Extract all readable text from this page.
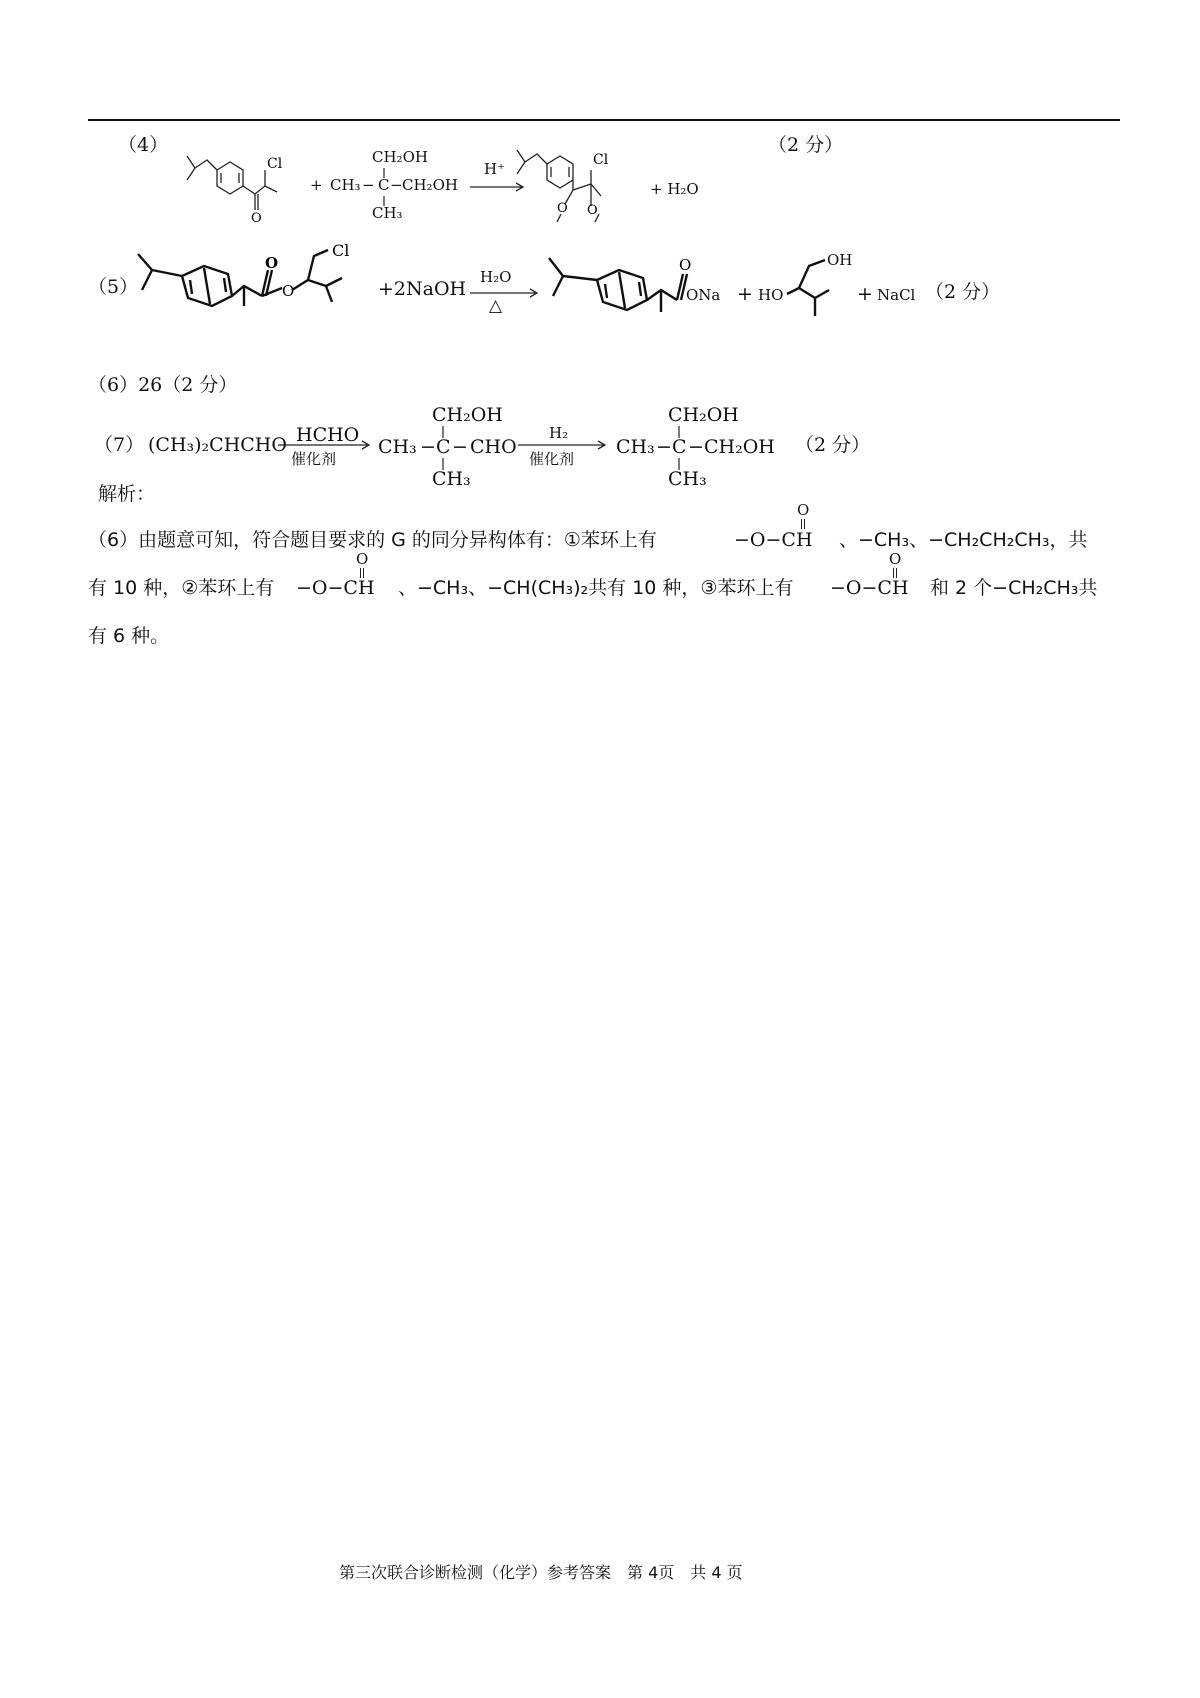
（4）	（2 分）
Cl
O
+
CH₂OH
CH₃ − C − CH₂OH
CH₃
H⁺	Cl
O O
+ H₂O
（5）
O
O
Cl
+2NaOH
H₂O
△
O
ONa + HO
OH
+ NaCl （2 分）
（6）26（2 分）
（7） (CH₃)₂CHCHO HCHO
催化剂
CH₂OH
CH₃ − C − CHO
CH₃
H₂
催化剂
CH₂OH
CH₃ − C − CH₂OH
CH₃
（2 分）
解析：
（6）由题意可知，符合题目要求的 G 的同分异构体有：①苯环上有
O
−O−CH 、−CH₃、−CH₂CH₂CH₃，共
有 10 种，②苯环上有
O
−O−CH 、−CH₃、−CH(CH₃)₂共有 10 种，③苯环上有
O
−O−CH 和 2 个−CH₂CH₃共
有 6 种。
第三次联合诊断检测（化学）参考答案　第 4页　共 4 页
